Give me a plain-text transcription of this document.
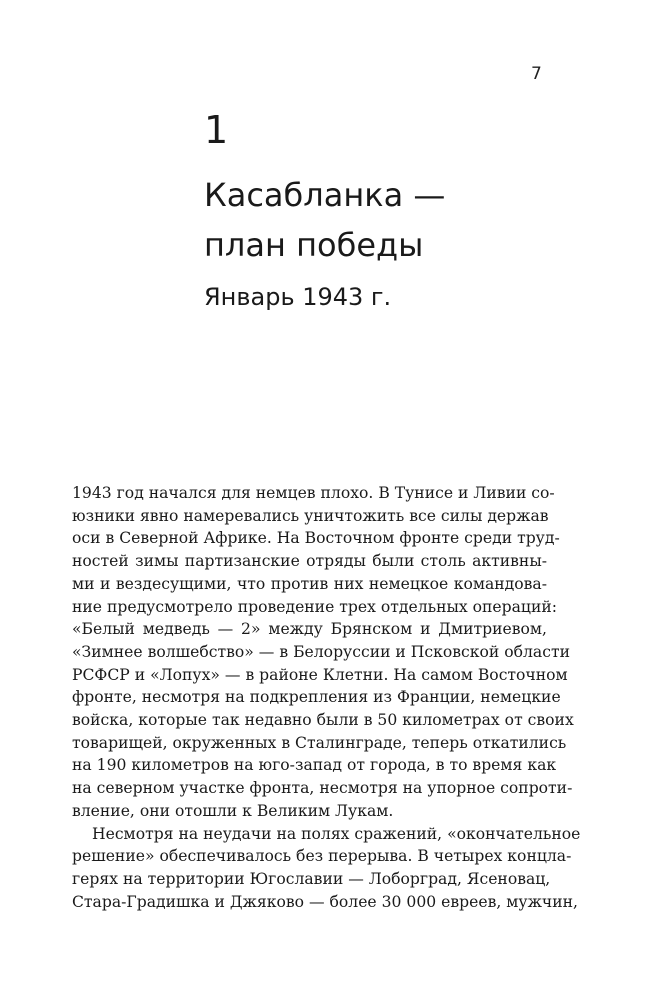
7
1
Касабланка —
план победы
Январь 1943 г.
1943 год начался для немцев плохо. В Тунисе и Ливии со-
юзники явно намеревались уничтожить все силы держав
оси в Северной Африке. На Восточном фронте среди труд-
ностей зимы партизанские отряды были столь активны-
ми и вездесущими, что против них немецкое командова-
ние предусмотрело проведение трех отдельных операций:
«Белый медведь — 2» между Брянском и Дмитриевом,
«Зимнее волшебство» — в Белоруссии и Псковской области
РСФСР и «Лопух» — в районе Клетни. На самом Восточном
фронте, несмотря на подкрепления из Франции, немецкие
войска, которые так недавно были в 50 километрах от своих
товарищей, окруженных в Сталинграде, теперь откатились
на 190 километров на юго-запад от города, в то время как
на северном участке фронта, несмотря на упорное сопроти-
вление, они отошли к Великим Лукам.
Несмотря на неудачи на полях сражений, «окончательное
решение» обеспечивалось без перерыва. В четырех концла-
герях на территории Югославии — Лоборград, Ясеновац,
Стара-Градишка и Джяково — более 30 000 евреев, мужчин,
